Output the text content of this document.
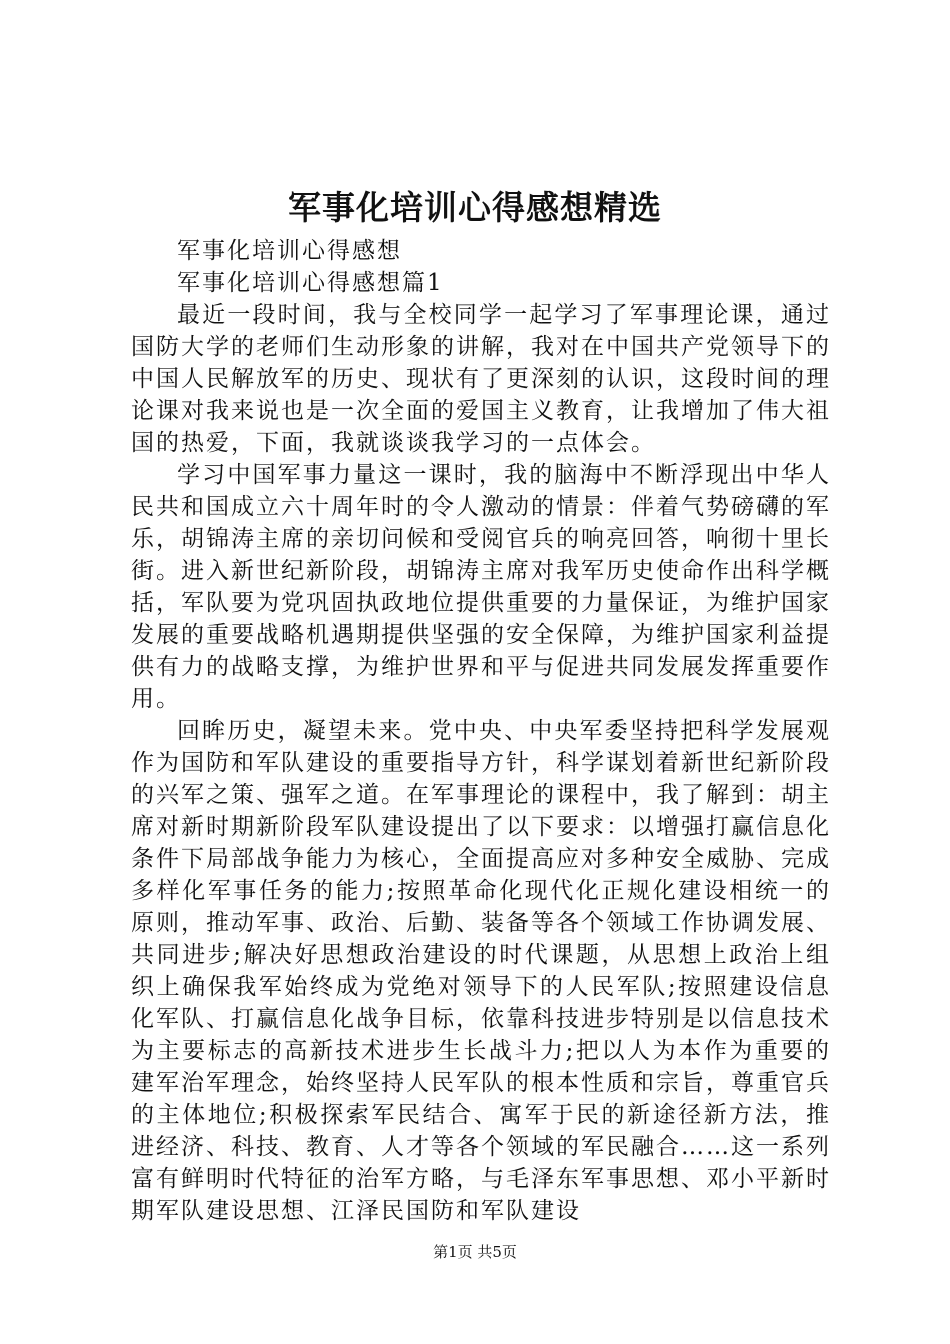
军事化培训心得感想精选

军事化培训心得感想

军事化培训心得感想篇1

最近一段时间，我与全校同学一起学习了军事理论课，通过国防大学的老师们生动形象的讲解，我对在中国共产党领导下的中国人民解放军的历史、现状有了更深刻的认识，这段时间的理论课对我来说也是一次全面的爱国主义教育，让我增加了伟大祖国的热爱，下面，我就谈谈我学习的一点体会。

学习中国军事力量这一课时，我的脑海中不断浮现出中华人民共和国成立六十周年时的令人激动的情景：伴着气势磅礴的军乐，胡锦涛主席的亲切问候和受阅官兵的响亮回答，响彻十里长街。进入新世纪新阶段，胡锦涛主席对我军历史使命作出科学概括，军队要为党巩固执政地位提供重要的力量保证，为维护国家发展的重要战略机遇期提供坚强的安全保障，为维护国家利益提供有力的战略支撑，为维护世界和平与促进共同发展发挥重要作用。

回眸历史，凝望未来。党中央、中央军委坚持把科学发展观作为国防和军队建设的重要指导方针，科学谋划着新世纪新阶段的兴军之策、强军之道。在军事理论的课程中，我了解到：胡主席对新时期新阶段军队建设提出了以下要求：以增强打赢信息化条件下局部战争能力为核心，全面提高应对多种安全威胁、完成多样化军事任务的能力;按照革命化现代化正规化建设相统一的原则，推动军事、政治、后勤、装备等各个领域工作协调发展、共同进步;解决好思想政治建设的时代课题，从思想上政治上组织上确保我军始终成为党绝对领导下的人民军队;按照建设信息化军队、打赢信息化战争目标，依靠科技进步特别是以信息技术为主要标志的高新技术进步生长战斗力;把以人为本作为重要的建军治军理念，始终坚持人民军队的根本性质和宗旨，尊重官兵的主体地位;积极探索军民结合、寓军于民的新途径新方法，推进经济、科技、教育、人才等各个领域的军民融合……这一系列富有鲜明时代特征的治军方略，与毛泽东军事思想、邓小平新时期军队建设思想、江泽民国防和军队建设

第1页 共5页
